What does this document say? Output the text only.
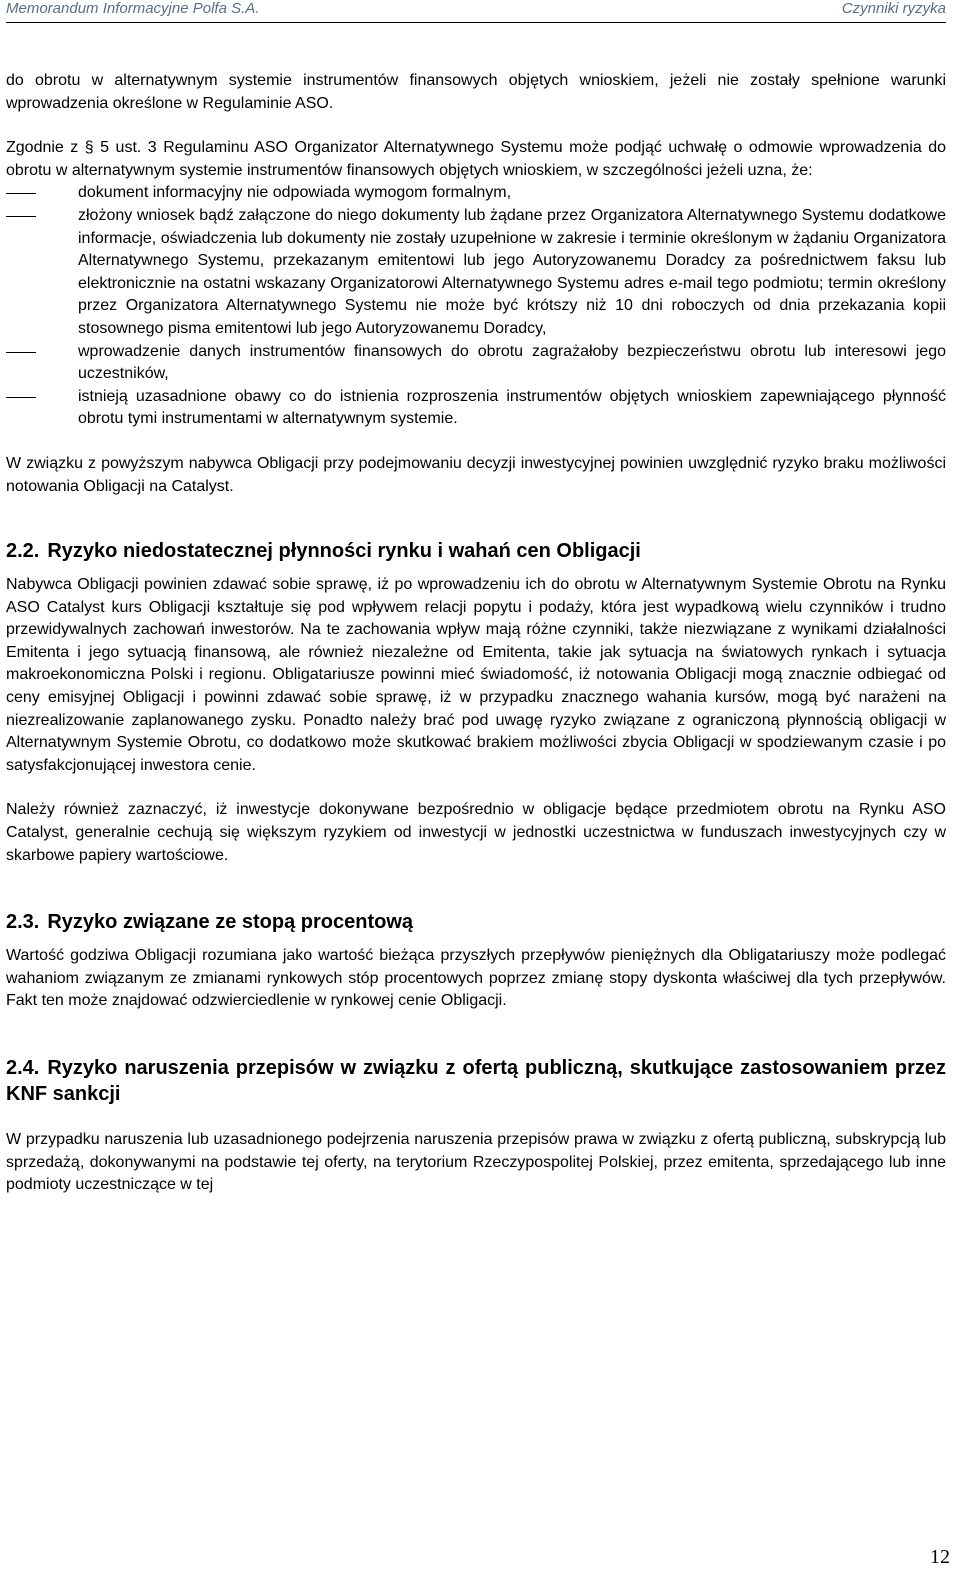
Memorandum Informacyjne Polfa S.A.	Czynniki ryzyka

do obrotu w alternatywnym systemie instrumentów finansowych objętych wnioskiem, jeżeli nie zostały spełnione warunki wprowadzenia określone w Regulaminie ASO.

Zgodnie z § 5 ust. 3 Regulaminu ASO Organizator Alternatywnego Systemu może podjąć uchwałę o odmowie wprowadzenia do obrotu w alternatywnym systemie instrumentów finansowych objętych wnioskiem, w szczególności jeżeli uzna, że:

dokument informacyjny nie odpowiada wymogom formalnym,
złożony wniosek bądź załączone do niego dokumenty lub żądane przez Organizatora Alternatywnego Systemu dodatkowe informacje, oświadczenia lub dokumenty nie zostały uzupełnione w zakresie i terminie określonym w żądaniu Organizatora Alternatywnego Systemu, przekazanym emitentowi lub jego Autoryzowanemu Doradcy za pośrednictwem faksu lub elektronicznie na ostatni wskazany Organizatorowi Alternatywnego Systemu adres e-mail tego podmiotu; termin określony przez Organizatora Alternatywnego Systemu nie może być krótszy niż 10 dni roboczych od dnia przekazania kopii stosownego pisma emitentowi lub jego Autoryzowanemu Doradcy,
wprowadzenie danych instrumentów finansowych do obrotu zagrażałoby bezpieczeństwu obrotu lub interesowi jego uczestników,
istnieją uzasadnione obawy co do istnienia rozproszenia instrumentów objętych wnioskiem zapewniającego płynność obrotu tymi instrumentami w alternatywnym systemie.

W związku z powyższym nabywca Obligacji przy podejmowaniu decyzji inwestycyjnej powinien uwzględnić ryzyko braku możliwości notowania Obligacji na Catalyst.

2.2. Ryzyko niedostatecznej płynności rynku i wahań cen Obligacji

Nabywca Obligacji powinien zdawać sobie sprawę, iż po wprowadzeniu ich do obrotu w Alternatywnym Systemie Obrotu na Rynku ASO Catalyst kurs Obligacji kształtuje się pod wpływem relacji popytu i podaży, która jest wypadkową wielu czynników i trudno przewidywalnych zachowań inwestorów. Na te zachowania wpływ mają różne czynniki, także niezwiązane z wynikami działalności Emitenta i jego sytuacją finansową, ale również niezależne od Emitenta, takie jak sytuacja na światowych rynkach i sytuacja makroekonomiczna Polski i regionu. Obligatariusze powinni mieć świadomość, iż notowania Obligacji mogą znacznie odbiegać od ceny emisyjnej Obligacji i powinni zdawać sobie sprawę, iż w przypadku znacznego wahania kursów, mogą być narażeni na niezrealizowanie zaplanowanego zysku. Ponadto należy brać pod uwagę ryzyko związane z ograniczoną płynnością obligacji w Alternatywnym Systemie Obrotu, co dodatkowo może skutkować brakiem możliwości zbycia Obligacji w spodziewanym czasie i po satysfakcjonującej inwestora cenie.

Należy również zaznaczyć, iż inwestycje dokonywane bezpośrednio w obligacje będące przedmiotem obrotu na Rynku ASO Catalyst, generalnie cechują się większym ryzykiem od inwestycji w jednostki uczestnictwa w funduszach inwestycyjnych czy w skarbowe papiery wartościowe.

2.3. Ryzyko związane ze stopą procentową

Wartość godziwa Obligacji rozumiana jako wartość bieżąca przyszłych przepływów pieniężnych dla Obligatariuszy może podlegać wahaniom związanym ze zmianami rynkowych stóp procentowych poprzez zmianę stopy dyskonta właściwej dla tych przepływów. Fakt ten może znajdować odzwierciedlenie w rynkowej cenie Obligacji.

2.4. Ryzyko naruszenia przepisów w związku z ofertą publiczną, skutkujące zastosowaniem przez KNF sankcji

W przypadku naruszenia lub uzasadnionego podejrzenia naruszenia przepisów prawa w związku z ofertą publiczną, subskrypcją lub sprzedażą, dokonywanymi na podstawie tej oferty, na terytorium Rzeczypospolitej Polskiej, przez emitenta, sprzedającego lub inne podmioty uczestniczące w tej

12
